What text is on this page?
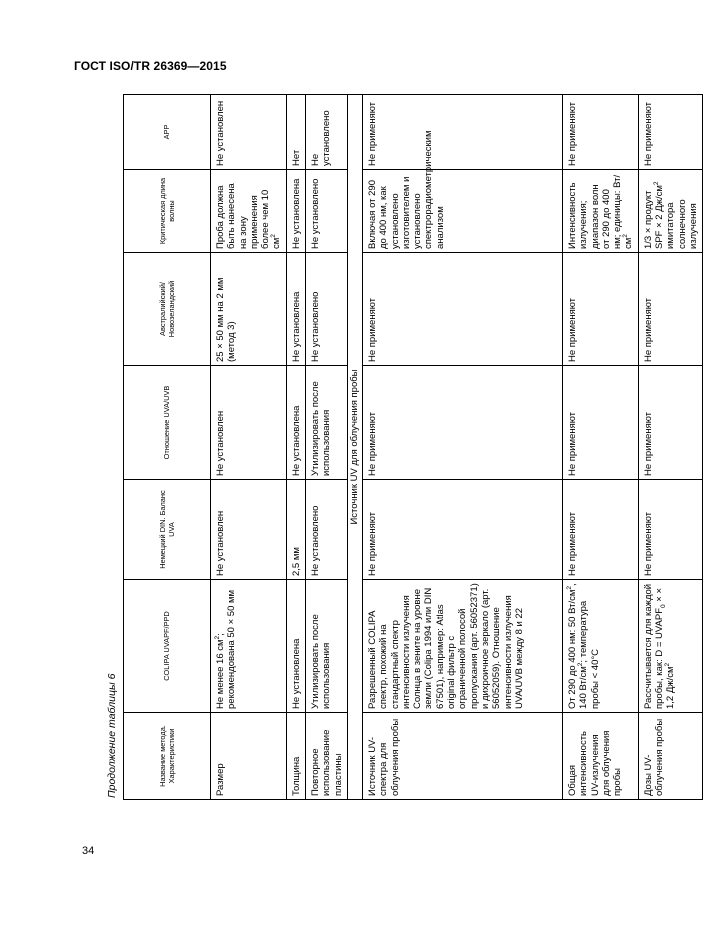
ГОСТ ISO/TR 26369—2015
Продолжение таблицы 6	Название метода. Характеристики	COLIPA UVAPF/PPD	Немецкий DIN. Баланс UVA	Отношение UVA/UVB	Австралийский/ Новозеландский	Критическая длина волны	APP
Размер	Не менее 16 $см^2$; рекомендована 50 × 50 мм	Не установлен	Не установлен	25 × 50 мм на 2 мм (метод 3)	Проба должна быть нанесена на зону применения более чем 10 $см^2$	Не установлен
Толщина	Не установлена	2,5 мм	Не установлена	Не установлена	Не установлена	Нет
Повторное использование пластины	Утилизировать после использования	Не установлено	Утилизировать после использования	Не установлено	Не установлено	Не установлено
Источник UV для облучения пробы						
Источник UV-спектра для облучения пробы	Разрешенный COLIPA спектр, похожий на стандартный спектр интенсивности излучения Солнца в зените на уровне земли (Colipa 1994 или DIN 67501), например: Atlas original фильтр с ограниченной полосой пропускания (арт. 56052371) и дихроичное зеркало (арт. 56052059). Отношение интенсивности излучения UVA/UVB между 8 и 22	Не применяют	Не применяют	Не применяют	Включая от 290 до 400 нм, как установлено изготовителем и установлено спектрорадиометрическим анализом	Не применяют
Общая интенсивность UV-излучения для облучения пробы	От 290 до 400 нм: 50 $Вт/см^2$, 140 $Вт/см^2$; температура пробы < 40°C	Не применяют	Не применяют	Не применяют	Интенсивность излучения; диапазон волн от 290 до 400 нм; единицы: $Вт/см^2$	Не применяют
Дозы UV-облучения пробы	Рассчитывается для каждой пробы, как: $D = UVAPF_0$ × × 1,2 $Дж/см^2$	Не применяют	Не применяют	Не применяют	1/3 × продукт SPF × 2 $Дж/см^2$ имитатора солнечного излучения	Не применяют
34
